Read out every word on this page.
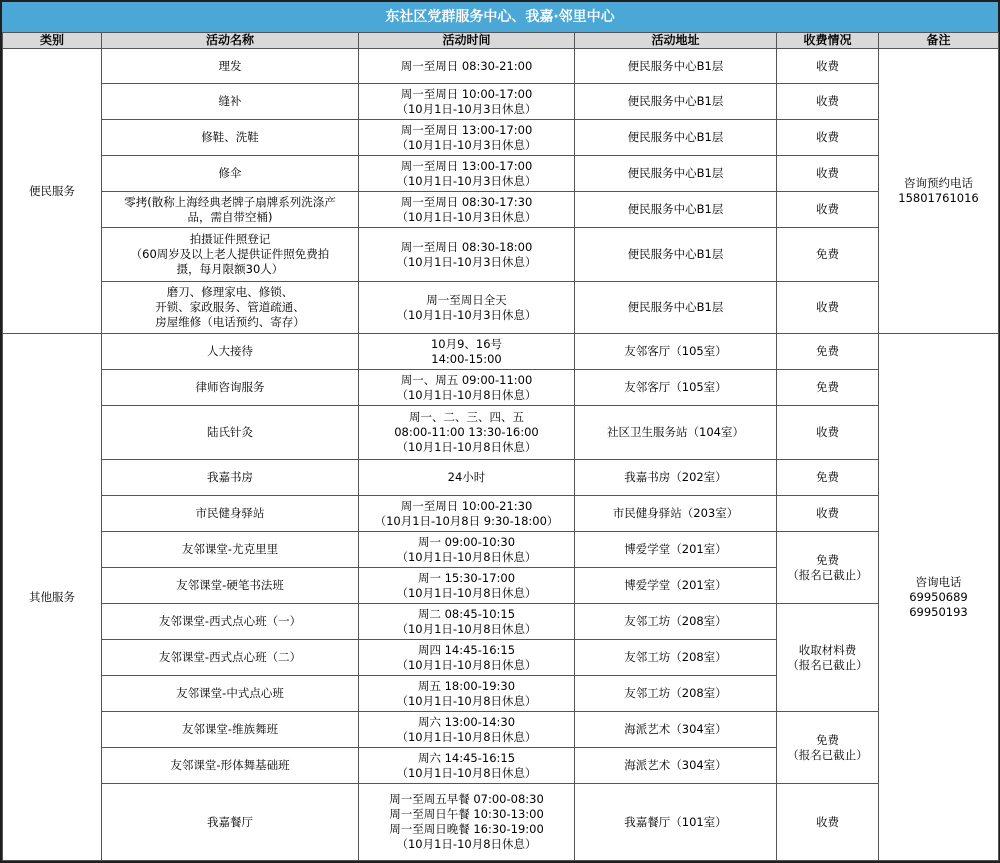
东社区党群服务中心、我嘉·邻里中心
类别	活动名称	活动时间	活动地址	收费情况	备注
便民服务	理发	周一至周日 08:30-21:00	便民服务中心B1层	收费	咨询预约电话
15801761016

	缝补	周一至周日 10:00-17:00
（10月1日-10月3日休息）	便民服务中心B1层	收费	

	修鞋、洗鞋	周一至周日 13:00-17:00
（10月1日-10月3日休息）	便民服务中心B1层	收费	

	修伞	周一至周日 13:00-17:00
（10月1日-10月3日休息）	便民服务中心B1层	收费	

	零拷(散称上海经典老牌子扇牌系列洗涤产
品，需自带空桶)	周一至周日 08:30-17:30
（10月1日-10月3日休息）	便民服务中心B1层	收费	

	拍摄证件照登记
（60周岁及以上老人提供证件照免费拍
摄，每月限额30人）	周一至周日 08:30-18:00
（10月1日-10月3日休息）	便民服务中心B1层	免费	

	磨刀、修理家电、修锁、
开锁、家政服务、管道疏通、
房屋维修（电话预约、寄存）	周一至周日全天
（10月1日-10月3日休息）	便民服务中心B1层	收费	
其他服务	人大接待	10月9、16号
14:00-15:00	友邻客厅（105室）	免费	咨询电话
69950689
69950193

	律师咨询服务	周一、周五 09:00-11:00
（10月1日-10月8日休息）	友邻客厅（105室）	免费	

	陆氏针灸	周一、二、三、四、五
08:00-11:00 13:30-16:00
（10月1日-10月8日休息）	社区卫生服务站（104室）	收费	

	我嘉书房	24小时	我嘉书房（202室）	免费	

	市民健身驿站	周一至周日 10:00-21:30
（10月1日-10月8日 9:30-18:00）	市民健身驿站（203室）	收费	

	友邻课堂-尤克里里	周一 09:00-10:30
（10月1日-10月8日休息）	博爱学堂（201室）	免费
（报名已截止）	

	友邻课堂-硬笔书法班	周一 15:30-17:00
（10月1日-10月8日休息）	博爱学堂（201室）		

	友邻课堂-西式点心班（一）	周二 08:45-10:15
（10月1日-10月8日休息）	友邻工坊（208室）	收取材料费
（报名已截止）	

	友邻课堂-西式点心班（二）	周四 14:45-16:15
（10月1日-10月8日休息）	友邻工坊（208室）		

	友邻课堂-中式点心班	周五 18:00-19:30
（10月1日-10月8日休息）	友邻工坊（208室）		

	友邻课堂-维族舞班	周六 13:00-14:30
（10月1日-10月8日休息）	海派艺术（304室）	免费
（报名已截止）	

	友邻课堂-形体舞基础班	周六 14:45-16:15
（10月1日-10月8日休息）	海派艺术（304室）		

	我嘉餐厅	周一至周五早餐 07:00-08:30
周一至周日午餐 10:30-13:00
周一至周日晚餐 16:30-19:00
（10月1日-10月8日休息）	我嘉餐厅（101室）	收费	
